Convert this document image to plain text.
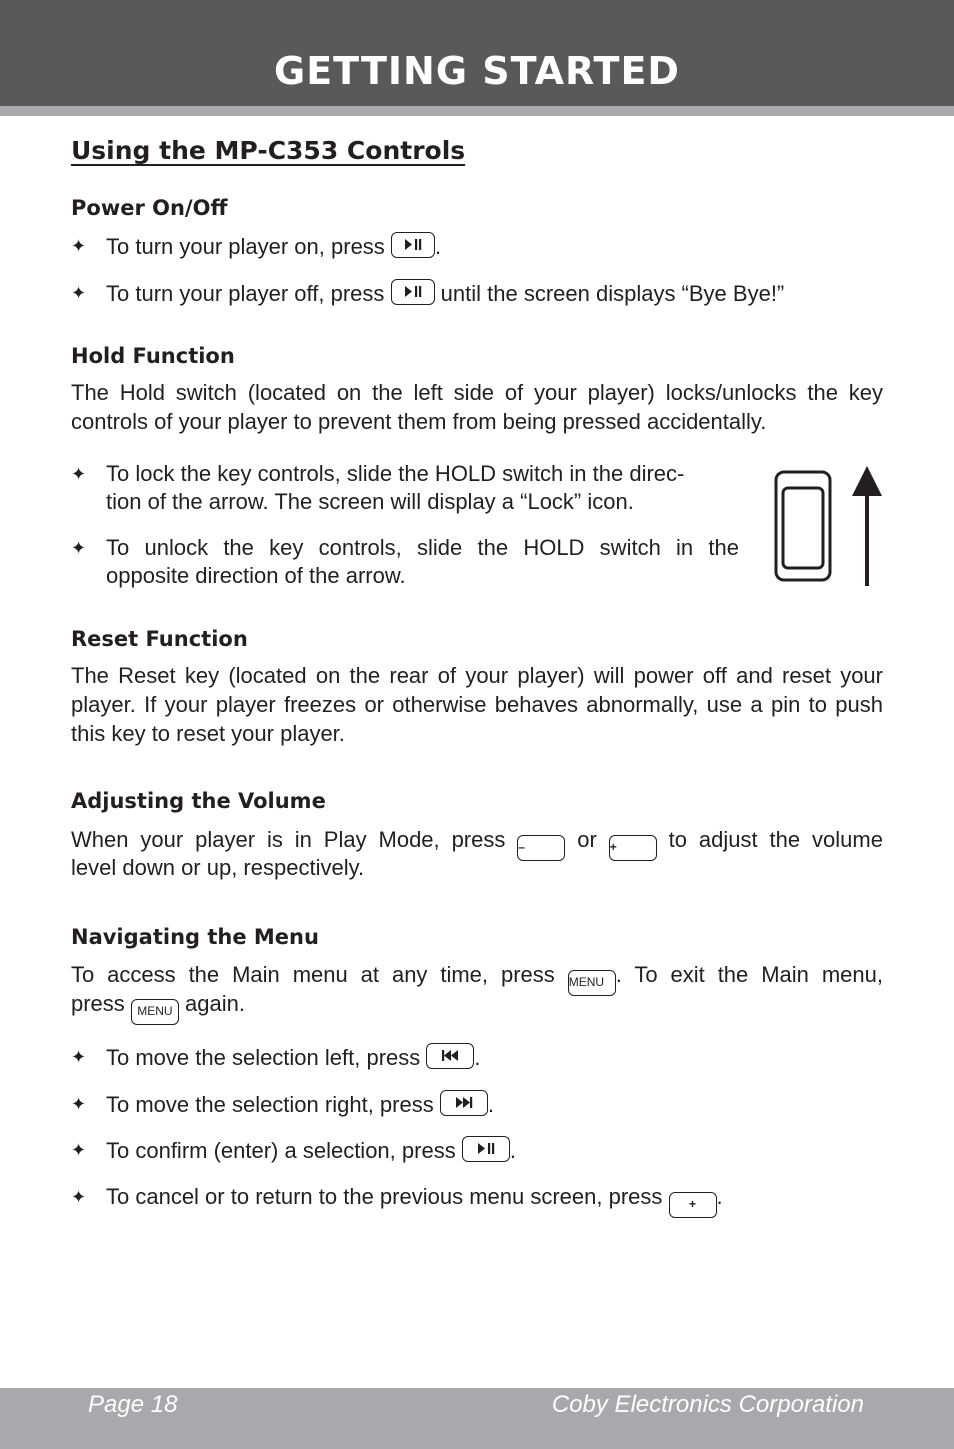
GETTING STARTED
Using the MP-C353 Controls
Power On/Off
✦ To turn your player on, press .
✦ To turn your player off, press	until the screen displays “Bye Bye!”
Hold Function
The Hold switch (located on the left side of your player) locks/unlocks the key controls of your player to prevent them from being pressed accidentally.
✦ To lock the key controls, slide the HOLD switch in the direc-
tion of the arrow. The screen will display a “Lock” icon.
✦ To unlock the key controls, slide the HOLD switch in the
opposite direction of the arrow.
Reset Function
The Reset key (located on the rear of your player) will power off and reset your player. If your player freezes or otherwise behaves abnormally, use a pin to push this key to reset your player.
Adjusting the Volume
When your player is in Play Mode, press – or + to adjust the volume
level down or up, respectively.
Navigating the Menu
To access the Main menu at any time, press MENU . To exit the Main menu,
press MENU again.
✦ To move the selection left, press .
✦ To move the selection right, press .
✦ To confirm (enter) a selection, press .
✦ To cancel or to return to the previous menu screen, press + .
Page 18	Coby Electronics Corporation
